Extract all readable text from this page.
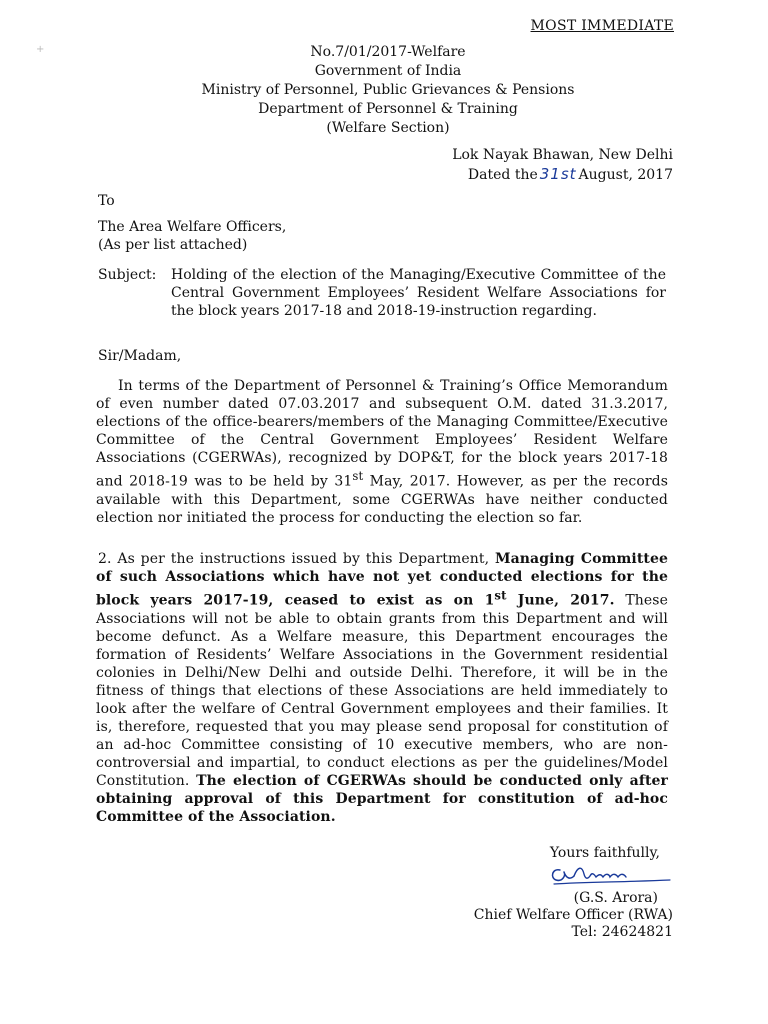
+
MOST IMMEDIATE
No.7/01/2017-Welfare
Government of India
Ministry of Personnel, Public Grievances & Pensions
Department of Personnel & Training
(Welfare Section)
Lok Nayak Bhawan, New Delhi
Dated the 31st August, 2017
To
The Area Welfare Officers,
(As per list attached)
Subject: Holding of the election of the Managing/Executive Committee of the Central Government Employees’ Resident Welfare Associations for the block years 2017-18 and 2018-19-instruction regarding.
Sir/Madam,
In terms of the Department of Personnel & Training’s Office Memorandum of even number dated 07.03.2017 and subsequent O.M. dated 31.3.2017, elections of the office-bearers/members of the Managing Committee/Executive Committee of the Central Government Employees’ Resident Welfare Associations (CGERWAs), recognized by DOP&T, for the block years 2017-18 and 2018-19 was to be held by 31st May, 2017. However, as per the records available with this Department, some CGERWAs have neither conducted election nor initiated the process for conducting the election so far.
2. As per the instructions issued by this Department, Managing Committee of such Associations which have not yet conducted elections for the block years 2017-19, ceased to exist as on 1st June, 2017. These Associations will not be able to obtain grants from this Department and will become defunct. As a Welfare measure, this Department encourages the formation of Residents’ Welfare Associations in the Government residential colonies in Delhi/New Delhi and outside Delhi. Therefore, it will be in the fitness of things that elections of these Associations are held immediately to look after the welfare of Central Government employees and their families. It is, therefore, requested that you may please send proposal for constitution of an ad-hoc Committee consisting of 10 executive members, who are non-controversial and impartial, to conduct elections as per the guidelines/Model Constitution. The election of CGERWAs should be conducted only after obtaining approval of this Department for constitution of ad-hoc Committee of the Association.
Yours faithfully,
(G.S. Arora)
Chief Welfare Officer (RWA)
Tel: 24624821
